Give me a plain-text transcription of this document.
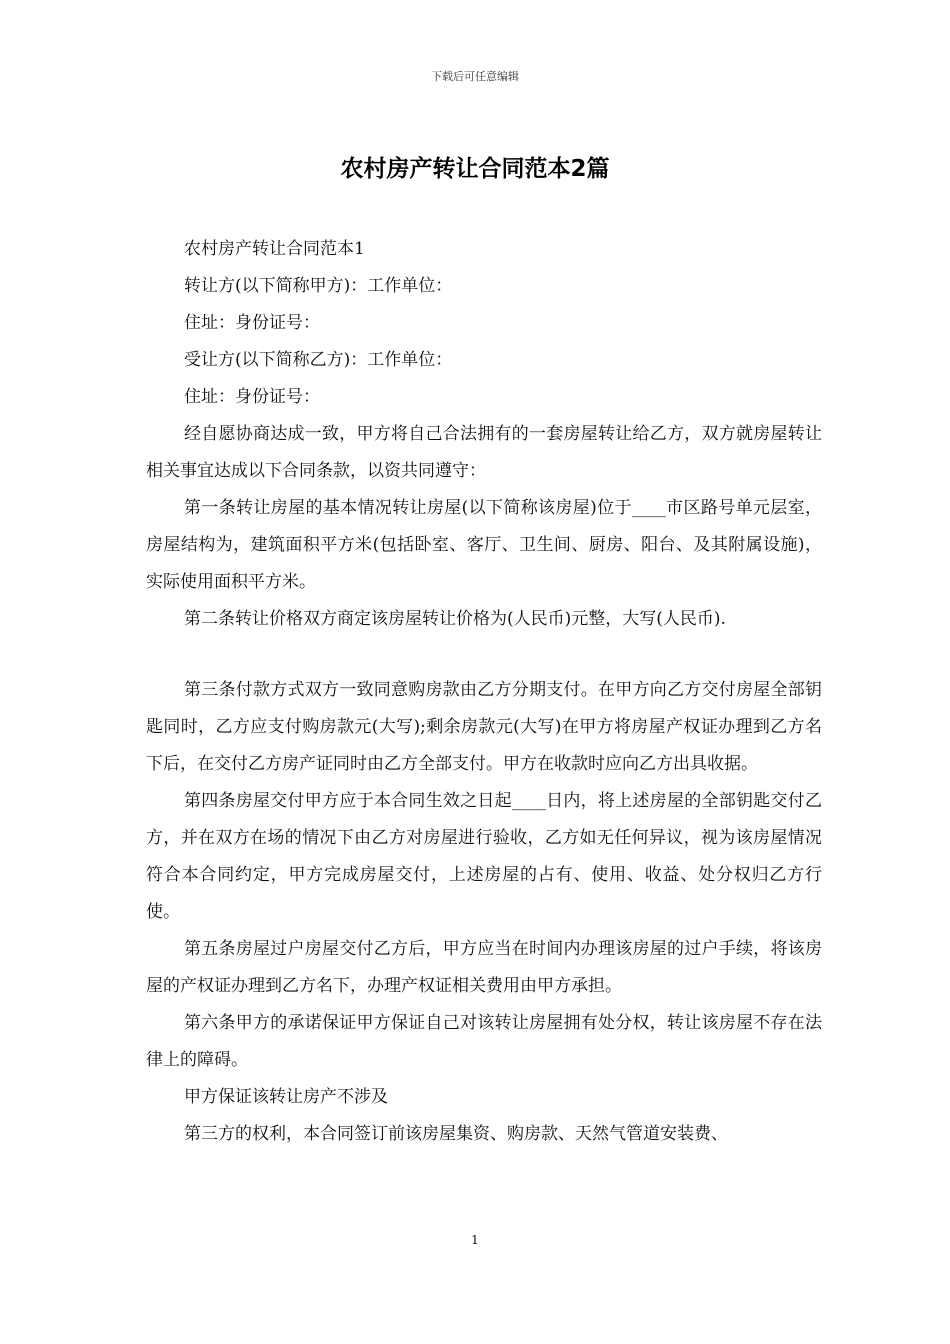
下载后可任意编辑
农村房产转让合同范本2篇

农村房产转让合同范本1

转让方(以下简称甲方)：工作单位：

住址：身份证号：

受让方(以下简称乙方)：工作单位：

住址：身份证号：

经自愿协商达成一致，甲方将自己合法拥有的一套房屋转让给乙方，双方就房屋转让相关事宜达成以下合同条款，以资共同遵守：

第一条转让房屋的基本情况转让房屋(以下简称该房屋)位于____市区路号单元层室，房屋结构为，建筑面积平方米(包括卧室、客厅、卫生间、厨房、阳台、及其附属设施)，实际使用面积平方米。

第二条转让价格双方商定该房屋转让价格为(人民币)元整，大写(人民币).

第三条付款方式双方一致同意购房款由乙方分期支付。在甲方向乙方交付房屋全部钥匙同时，乙方应支付购房款元(大写);剩余房款元(大写)在甲方将房屋产权证办理到乙方名下后，在交付乙方房产证同时由乙方全部支付。甲方在收款时应向乙方出具收据。

第四条房屋交付甲方应于本合同生效之日起____日内，将上述房屋的全部钥匙交付乙方，并在双方在场的情况下由乙方对房屋进行验收，乙方如无任何异议，视为该房屋情况符合本合同约定，甲方完成房屋交付，上述房屋的占有、使用、收益、处分权归乙方行使。

第五条房屋过户房屋交付乙方后，甲方应当在时间内办理该房屋的过户手续，将该房屋的产权证办理到乙方名下，办理产权证相关费用由甲方承担。

第六条甲方的承诺保证甲方保证自己对该转让房屋拥有处分权，转让该房屋不存在法律上的障碍。

甲方保证该转让房产不涉及

第三方的权利，本合同签订前该房屋集资、购房款、天然气管道安装费、

1
